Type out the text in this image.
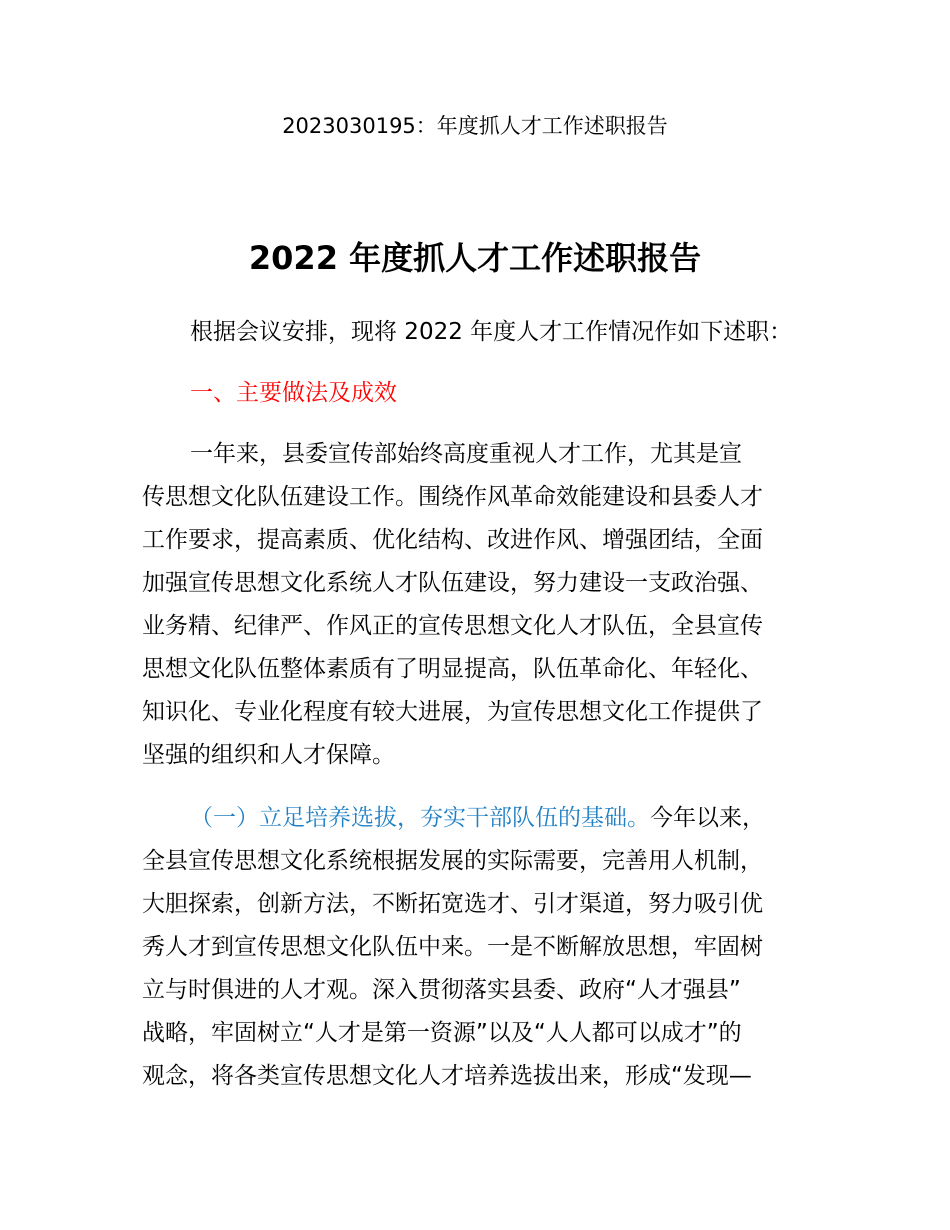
2023030195：年度抓人才工作述职报告
2022 年度抓人才工作述职报告
根据会议安排，现将 2022 年度人才工作情况作如下述职：
一、主要做法及成效
一年来，县委宣传部始终高度重视人才工作，尤其是宣
传思想文化队伍建设工作。围绕作风革命效能建设和县委人才
工作要求，提高素质、优化结构、改进作风、增强团结，全面
加强宣传思想文化系统人才队伍建设，努力建设一支政治强、
业务精、纪律严、作风正的宣传思想文化人才队伍，全县宣传
思想文化队伍整体素质有了明显提高，队伍革命化、年轻化、
知识化、专业化程度有较大进展，为宣传思想文化工作提供了
坚强的组织和人才保障。
（一）立足培养选拔，夯实干部队伍的基础。今年以来，
全县宣传思想文化系统根据发展的实际需要，完善用人机制，
大胆探索，创新方法，不断拓宽选才、引才渠道，努力吸引优
秀人才到宣传思想文化队伍中来。一是不断解放思想，牢固树
立与时俱进的人才观。深入贯彻落实县委、政府“人才强县”
战略，牢固树立“人才是第一资源”以及“人人都可以成才”的
观念，将各类宣传思想文化人才培养选拔出来，形成“发现—
